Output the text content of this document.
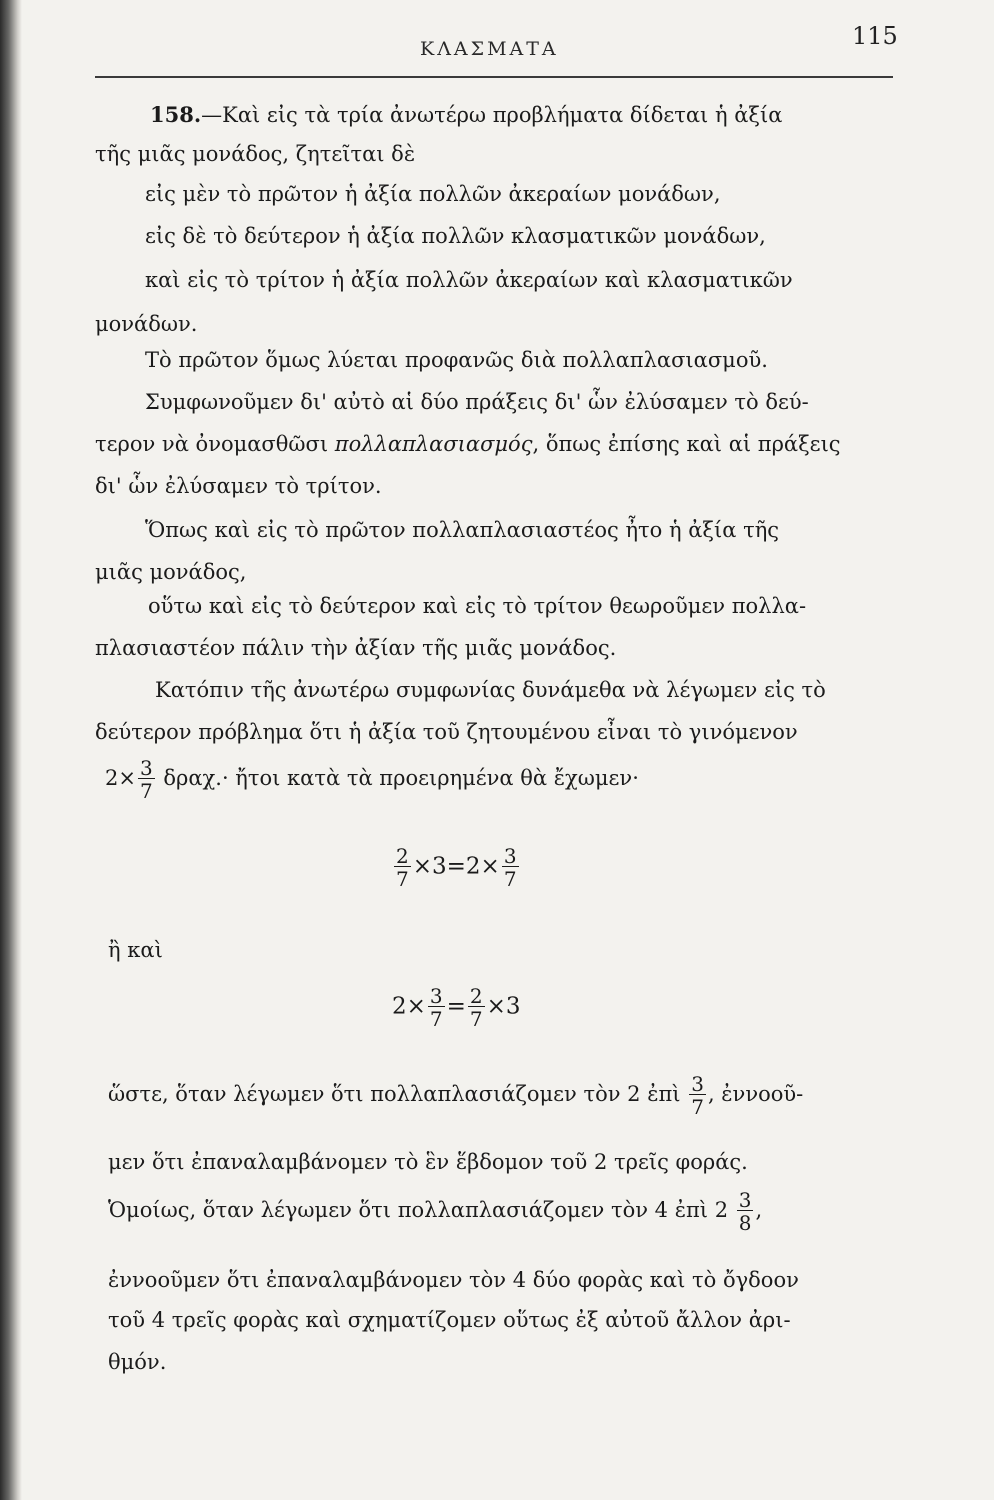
ΚΛΑΣΜΑΤΑ	115
158.—Καὶ εἰς τὰ τρία ἀνωτέρω προβλήματα δίδεται ἡ ἀξία
τῆς μιᾶς μονάδος, ζητεῖται δὲ
εἰς μὲν τὸ πρῶτον ἡ ἀξία πολλῶν ἀκεραίων μονάδων,
εἰς δὲ τὸ δεύτερον ἡ ἀξία πολλῶν κλασματικῶν μονάδων,
καὶ εἰς τὸ τρίτον ἡ ἀξία πολλῶν ἀκεραίων καὶ κλασματικῶν
μονάδων.
Τὸ πρῶτον ὅμως λύεται προφανῶς διὰ πολλαπλασιασμοῦ.
Συμφωνοῦμεν δι' αὐτὸ αἱ δύο πράξεις δι' ὧν ἐλύσαμεν τὸ δεύ-
τερον νὰ ὀνομασθῶσι πολλαπλασιασμός, ὅπως ἐπίσης καὶ αἱ πράξεις
δι' ὧν ἐλύσαμεν τὸ τρίτον.
Ὅπως καὶ εἰς τὸ πρῶτον πολλαπλασιαστέος ἦτο ἡ ἀξία τῆς
μιᾶς μονάδος,
οὕτω καὶ εἰς τὸ δεύτερον καὶ εἰς τὸ τρίτον θεωροῦμεν πολλα-
πλασιαστέον πάλιν τὴν ἀξίαν τῆς μιᾶς μονάδος.
Κατόπιν τῆς ἀνωτέρω συμφωνίας δυνάμεθα νὰ λέγωμεν εἰς τὸ
δεύτερον πρόβλημα ὅτι ἡ ἀξία τοῦ ζητουμένου εἶναι τὸ γινόμενον
$2\times \frac{3}{7} \delta\rho\alpha\chi.\cdot$ ἤτοι κατὰ τὰ προειρημένα θὰ ἔχωμεν·
$\frac{2}{7} \times 3=2\times \frac{3}{7}$
ἢ καὶ
$2\times \frac{3}{7} = \frac{2}{7} \times 3$
ὥστε, ὅταν λέγωμεν ὅτι πολλαπλασιάζομεν τὸν 2 ἐπὶ $\frac{3}{7}$ , ἐννοοῦ-
μεν ὅτι ἐπαναλαμβάνομεν τὸ ἓν ἕβδομον τοῦ 2 τρεῖς φοράς.
Ὁμοίως, ὅταν λέγωμεν ὅτι πολλαπλασιάζομεν τὸν 4 ἐπὶ $2 \frac{3}{8}$ ,
ἐννοοῦμεν ὅτι ἐπαναλαμβάνομεν τὸν 4 δύο φορὰς καὶ τὸ ὄγδοον
τοῦ 4 τρεῖς φορὰς καὶ σχηματίζομεν οὕτως ἐξ αὐτοῦ ἄλλον ἀρι-
θμόν.
